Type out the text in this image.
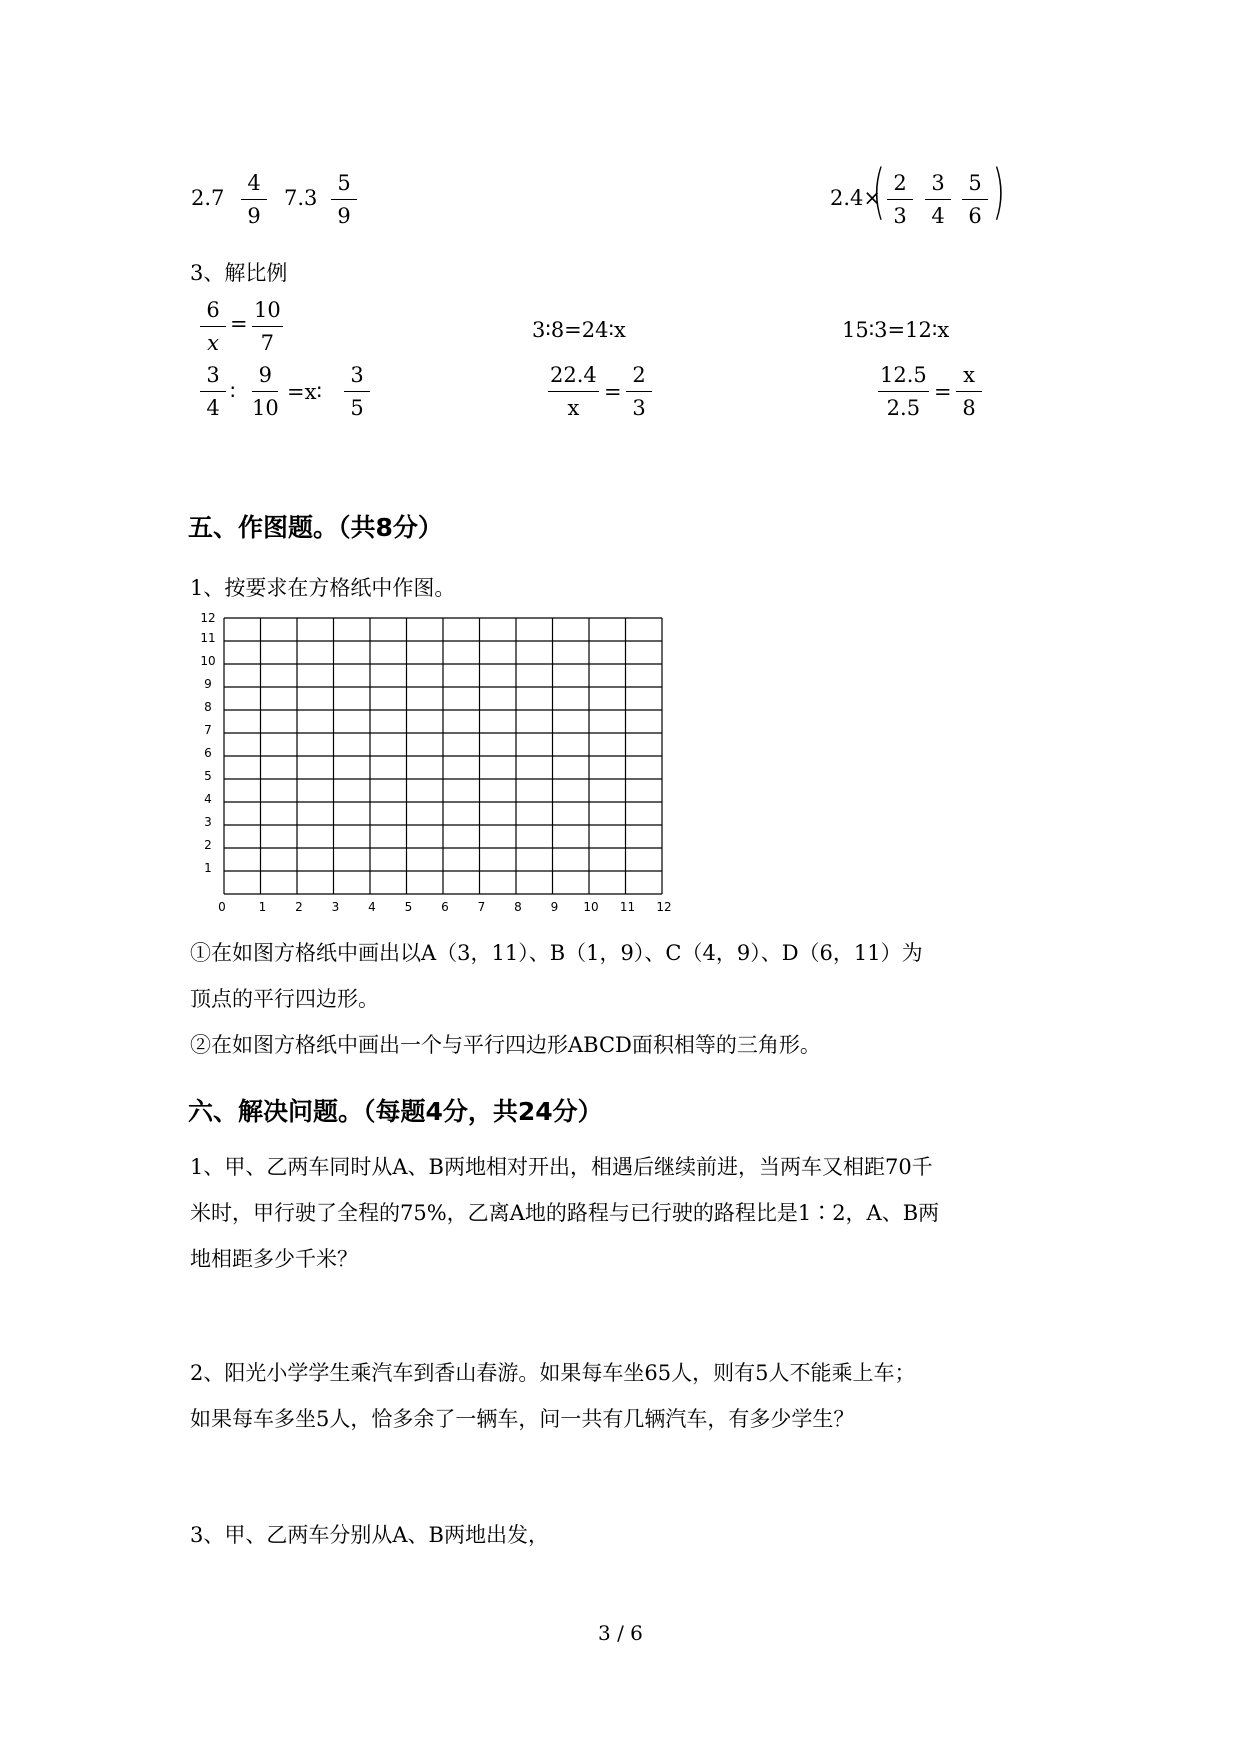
$2.7 \frac{4}{9} 7.3 \frac{5}{9}$	2.4×
( $\frac{2}{3} \frac{3}{4} \frac{5}{6}$ )
3、解比例
$\frac{6}{x} = \frac{10}{7}$	3∶8=24∶x	15∶3=12∶x
$\frac{3}{4}$ ∶ $\frac{9}{10}$ =x∶ $\frac{3}{5}$	$\frac{22.4}{x} = \frac{2}{3}$	$\frac{12.5}{2.5} = \frac{x}{8}$
五、作图题。（共8分）
1、按要求在方格纸中作图。
0	1 2 3 4 5 6 7 8 9 10 11 12
1
2
3
4
5
6
7
8
9
10
11
12
①在如图方格纸中画出以A（3，11）、B（1，9）、C（4，9）、D（6，11）为
顶点的平行四边形。
②在如图方格纸中画出一个与平行四边形ABCD面积相等的三角形。
六、解决问题。（每题4分，共24分）
1、甲、乙两车同时从A、B两地相对开出，相遇后继续前进，当两车又相距70千
米时，甲行驶了全程的75%，乙离A地的路程与已行驶的路程比是1∶2，A、B两
地相距多少千米？
2、阳光小学学生乘汽车到香山春游。如果每车坐65人，则有5人不能乘上车；
如果每车多坐5人，恰多余了一辆车，问一共有几辆汽车，有多少学生？
3、甲、乙两车分别从A、B两地出发，
3 / 6
